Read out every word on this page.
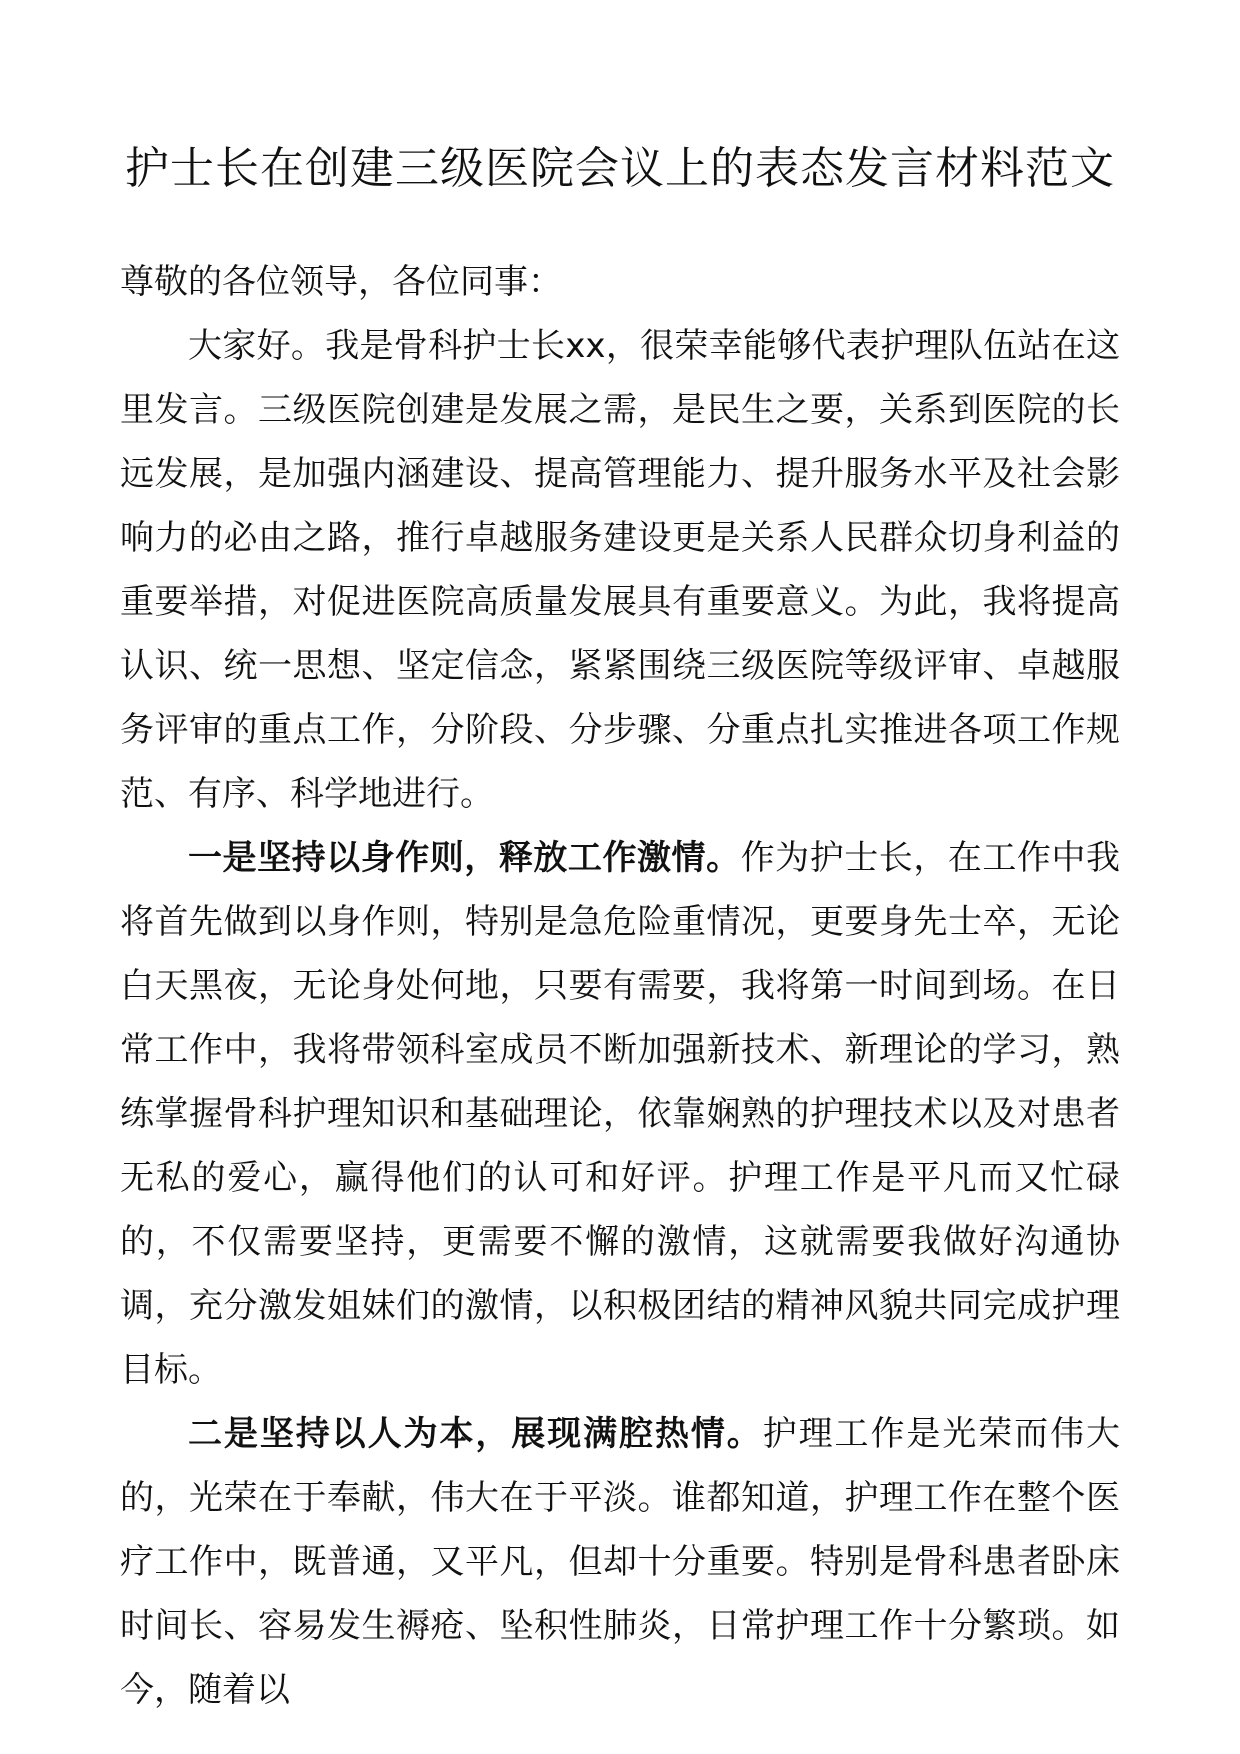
护士长在创建三级医院会议上的表态发言材料范文

尊敬的各位领导，各位同事：

大家好。我是骨科护士长xx，很荣幸能够代表护理队伍站在这里发言。三级医院创建是发展之需，是民生之要，关系到医院的长远发展，是加强内涵建设、提高管理能力、提升服务水平及社会影响力的必由之路，推行卓越服务建设更是关系人民群众切身利益的重要举措，对促进医院高质量发展具有重要意义。为此，我将提高认识、统一思想、坚定信念，紧紧围绕三级医院等级评审、卓越服务评审的重点工作，分阶段、分步骤、分重点扎实推进各项工作规范、有序、科学地进行。

一是坚持以身作则，释放工作激情。作为护士长，在工作中我将首先做到以身作则，特别是急危险重情况，更要身先士卒，无论白天黑夜，无论身处何地，只要有需要，我将第一时间到场。在日常工作中，我将带领科室成员不断加强新技术、新理论的学习，熟练掌握骨科护理知识和基础理论，依靠娴熟的护理技术以及对患者无私的爱心，赢得他们的认可和好评。护理工作是平凡而又忙碌的，不仅需要坚持，更需要不懈的激情，这就需要我做好沟通协调，充分激发姐妹们的激情，以积极团结的精神风貌共同完成护理目标。

二是坚持以人为本，展现满腔热情。护理工作是光荣而伟大的，光荣在于奉献，伟大在于平淡。谁都知道，护理工作在整个医疗工作中，既普通，又平凡，但却十分重要。特别是骨科患者卧床时间长、容易发生褥疮、坠积性肺炎，日常护理工作十分繁琐。如今，随着以
